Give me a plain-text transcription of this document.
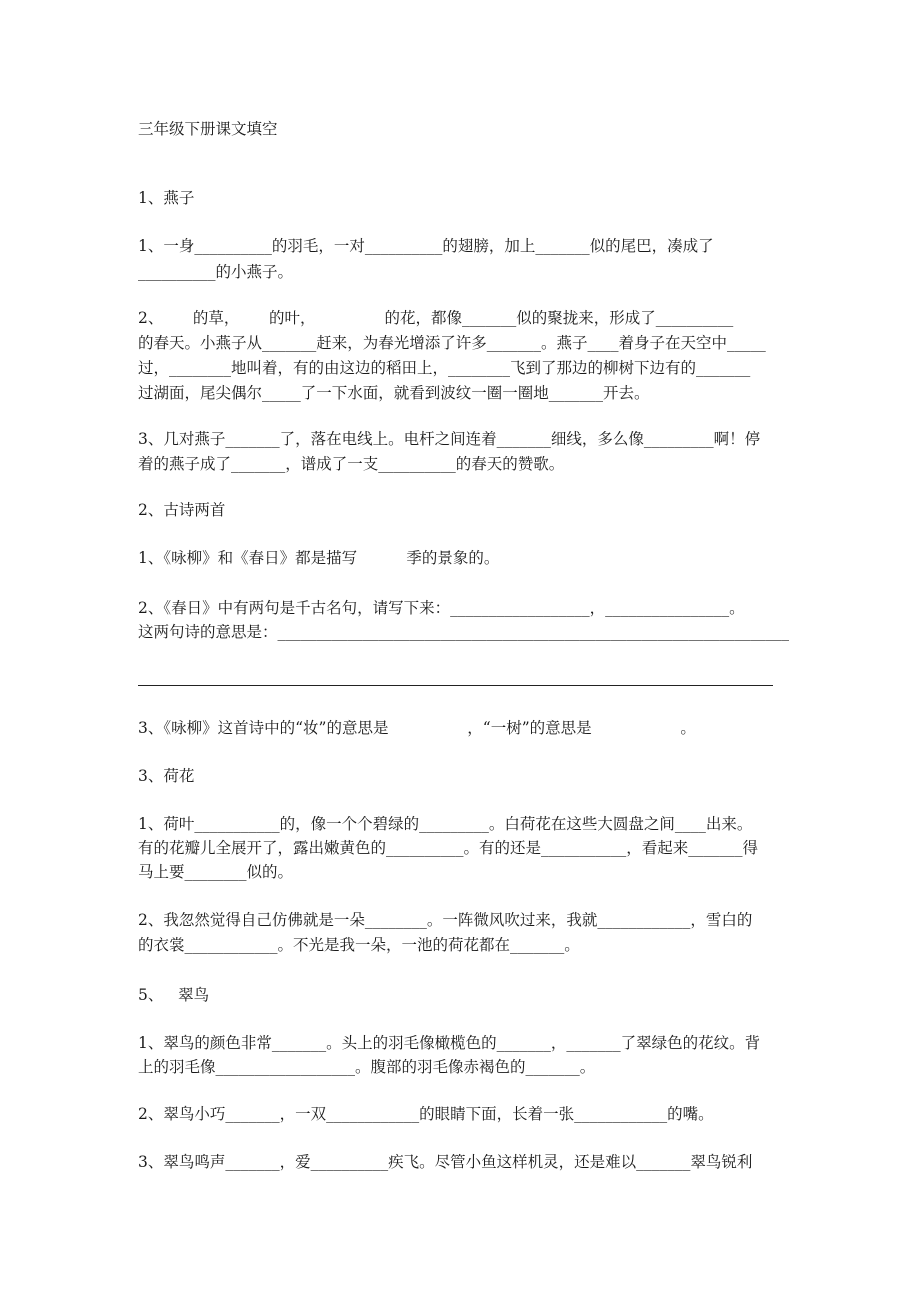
三年级下册课文填空
1、燕子
1、一身__________的羽毛，一对__________的翅膀，加上_______似的尾巴，凑成了
__________的小燕子。
2、      的草，      的叶，              的花，都像_______似的聚拢来，形成了__________
的春天。小燕子从_______赶来，为春光增添了许多_______。燕子____着身子在天空中_____
过，________地叫着，有的由这边的稻田上，________飞到了那边的柳树下边有的_______
过湖面，尾尖偶尔_____了一下水面，就看到波纹一圈一圈地_______开去。
3、几对燕子_______了，落在电线上。电杆之间连着_______细线，多么像_________啊！停
着的燕子成了_______，谱成了一支__________的春天的赞歌。
2、古诗两首
1、《咏柳》和《春日》都是描写          季的景象的。
2、《春日》中有两句是千古名句，请写下来：__________________，________________。
这两句诗的意思是：__________________________________________________________________
3、《咏柳》这首诗中的“妆”的意思是                ，“一树”的意思是                  。
3、荷花
1、荷叶___________的，像一个个碧绿的_________。白荷花在这些大圆盘之间____出来。
有的花瓣儿全展开了，露出嫩黄色的__________。有的还是___________，看起来_______得
马上要________似的。
2、我忽然觉得自己仿佛就是一朵________。一阵微风吹过来，我就____________，雪白的
的衣裳____________。不光是我一朵，一池的荷花都在_______。
5、   翠鸟
1、翠鸟的颜色非常_______。头上的羽毛像橄榄色的_______，_______了翠绿色的花纹。背
上的羽毛像__________________。腹部的羽毛像赤褐色的_______。
2、翠鸟小巧_______，一双____________的眼睛下面，长着一张____________的嘴。
3、翠鸟鸣声_______，爱__________疾飞。尽管小鱼这样机灵，还是难以_______翠鸟锐利
